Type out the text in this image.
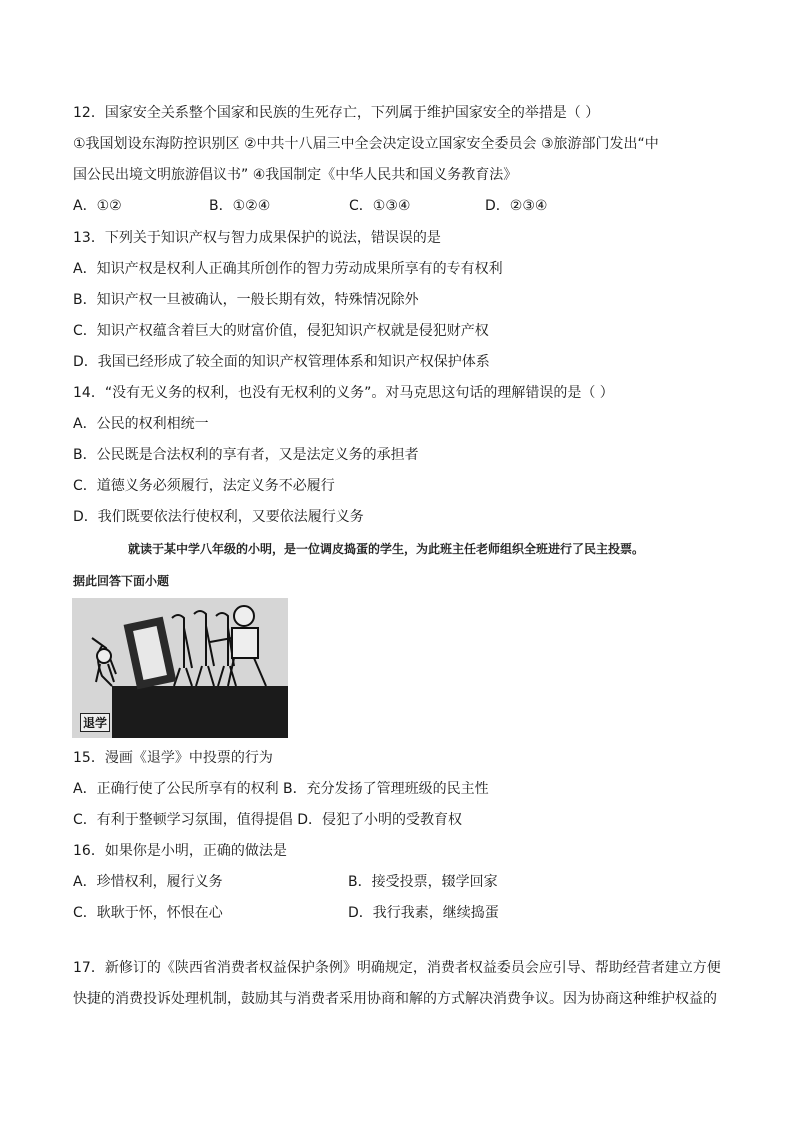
12．国家安全关系整个国家和民族的生死存亡，下列属于维护国家安全的举措是（ ）
①我国划设东海防控识别区 ②中共十八届三中全会决定设立国家安全委员会 ③旅游部门发出“中
国公民出境文明旅游倡议书” ④我国制定《中华人民共和国义务教育法》
A．①②	B．①②④	C．①③④	D．②③④
13．下列关于知识产权与智力成果保护的说法，错误误的是
A．知识产权是权利人正确其所创作的智力劳动成果所享有的专有权利
B．知识产权一旦被确认，一般长期有效，特殊情况除外
C．知识产权蕴含着巨大的财富价值，侵犯知识产权就是侵犯财产权
D．我国已经形成了较全面的知识产权管理体系和知识产权保护体系
14．“没有无义务的权利，也没有无权利的义务”。对马克思这句话的理解错误的是（ ）
A．公民的权利相统一
B．公民既是合法权利的享有者，又是法定义务的承担者
C．道德义务必须履行，法定义务不必履行
D．我们既要依法行使权利，又要依法履行义务
就读于某中学八年级的小明，是一位调皮捣蛋的学生，为此班主任老师组织全班进行了民主投票。
据此回答下面小题
退学
15．漫画《退学》中投票的行为
A．正确行使了公民所享有的权利 B．充分发扬了管理班级的民主性
C．有利于整顿学习氛围，值得提倡 D．侵犯了小明的受教育权
16．如果你是小明，正确的做法是
A．珍惜权利，履行义务	B．接受投票，辍学回家
C．耿耿于怀，怀恨在心	D．我行我素，继续捣蛋
17．新修订的《陕西省消费者权益保护条例》明确规定，消费者权益委员会应引导、帮助经营者建立方便
快捷的消费投诉处理机制，鼓励其与消费者采用协商和解的方式解决消费争议。因为协商这种维护权益的
